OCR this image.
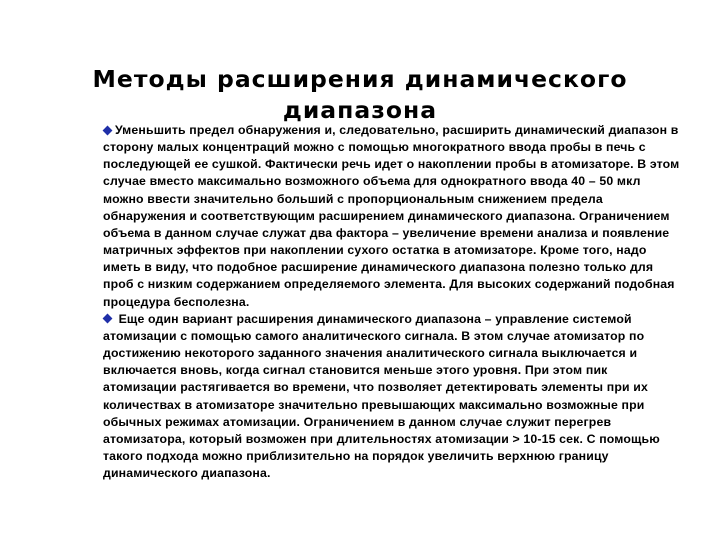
Методы расширения динамического диапазона

Уменьшить предел обнаружения и, следовательно, расширить динамический диапазон в сторону малых концентраций можно с помощью многократного ввода пробы в печь с последующей ее сушкой. Фактически речь идет о накоплении пробы в атомизаторе. В этом случае вместо максимально возможного объема для однократного ввода 40 – 50 мкл можно ввести значительно больший с пропорциональным снижением предела обнаружения и соответствующим расширением динамического диапазона. Ограничением объема в данном случае служат два фактора – увеличение времени анализа и появление матричных эффектов при накоплении сухого остатка в атомизаторе. Кроме того, надо иметь в виду, что подобное расширение динамического диапазона полезно только для проб с низким содержанием определяемого элемента. Для высоких содержаний подобная процедура бесполезна.

Еще один вариант расширения динамического диапазона – управление системой атомизации с помощью самого аналитического сигнала. В этом случае атомизатор по достижению некоторого заданного значения аналитического сигнала выключается и включается вновь, когда сигнал становится меньше этого уровня. При этом пик атомизации растягивается во времени, что позволяет детектировать элементы при их количествах в атомизаторе значительно превышающих максимально возможные при обычных режимах атомизации. Ограничением в данном случае служит перегрев атомизатора, который возможен при длительностях атомизации > 10-15 сек. С помощью такого подхода можно приблизительно на порядок увеличить верхнюю границу динамического диапазона.
